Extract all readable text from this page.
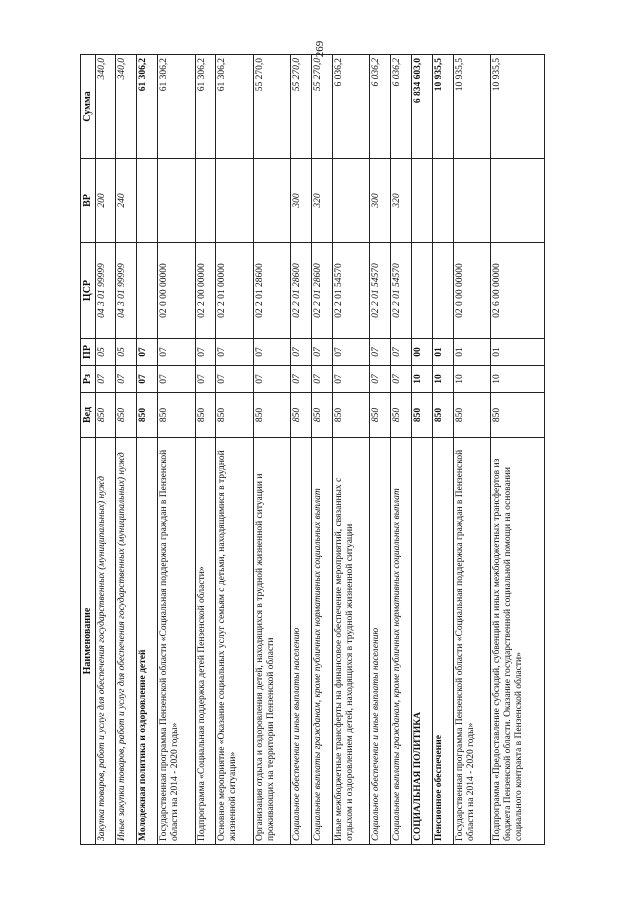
269
Наименование	Вед	Рз	ПР	ЦСР	ВР	Сумма
Закупка товаров, работ и услуг для обеспечения государственных (муниципальных) нужд	850	07	05	04 3 01 99999	200	340,0
Иные закупки товаров, работ и услуг для обеспечения государственных (муниципальных) нужд	850	07	05	04 3 01 99999	240	340,0
Молодежная политика и оздоровление детей	850	07	07			61 306,2
Государственная программа Пензенской области «Социальная поддержка граждан в Пензенской области на 2014 - 2020 годы»	850	07	07	02 0 00 00000		61 306,2
Подпрограмма «Социальная поддержка детей Пензенской области»	850	07	07	02 2 00 00000		61 306,2
Основное мероприятие «Оказание социальных услуг семьям с детьми, находящимися в трудной жизненной ситуации»	850	07	07	02 2 01 00000		61 306,2
Организация отдыха и оздоровления детей, находящихся в трудной жизненной ситуации и проживающих на территории Пензенской области	850	07	07	02 2 01 28600		55 270,0
Социальное обеспечение и иные выплаты населению	850	07	07	02 2 01 28600	300	55 270,0
Социальные выплаты гражданам, кроме публичных нормативных социальных выплат	850	07	07	02 2 01 28600	320	55 270,0
Иные межбюджетные трансферты на финансовое обеспечение мероприятий, связанных с отдыхом и оздоровлением детей, находящихся в трудной жизненной ситуации	850	07	07	02 2 01 54570		6 036,2
Социальное обеспечение и иные выплаты населению	850	07	07	02 2 01 54570	300	6 036,2
Социальные выплаты гражданам, кроме публичных нормативных социальных выплат	850	07	07	02 2 01 54570	320	6 036,2
СОЦИАЛЬНАЯ ПОЛИТИКА	850	10	00			6 834 603,0
Пенсионное обеспечение	850	10	01			10 935,5
Государственная программа Пензенской области «Социальная поддержка граждан в Пензенской области на 2014 - 2020 годы»	850	10	01	02 0 00 00000		10 935,5
Подпрограмма «Предоставление субсидий, субвенций и иных межбюджетных трансфертов из бюджета Пензенской области. Оказание государственной социальной помощи на основании социального контракта в Пензенской области»	850	10	01	02 6 00 00000		10 935,5
